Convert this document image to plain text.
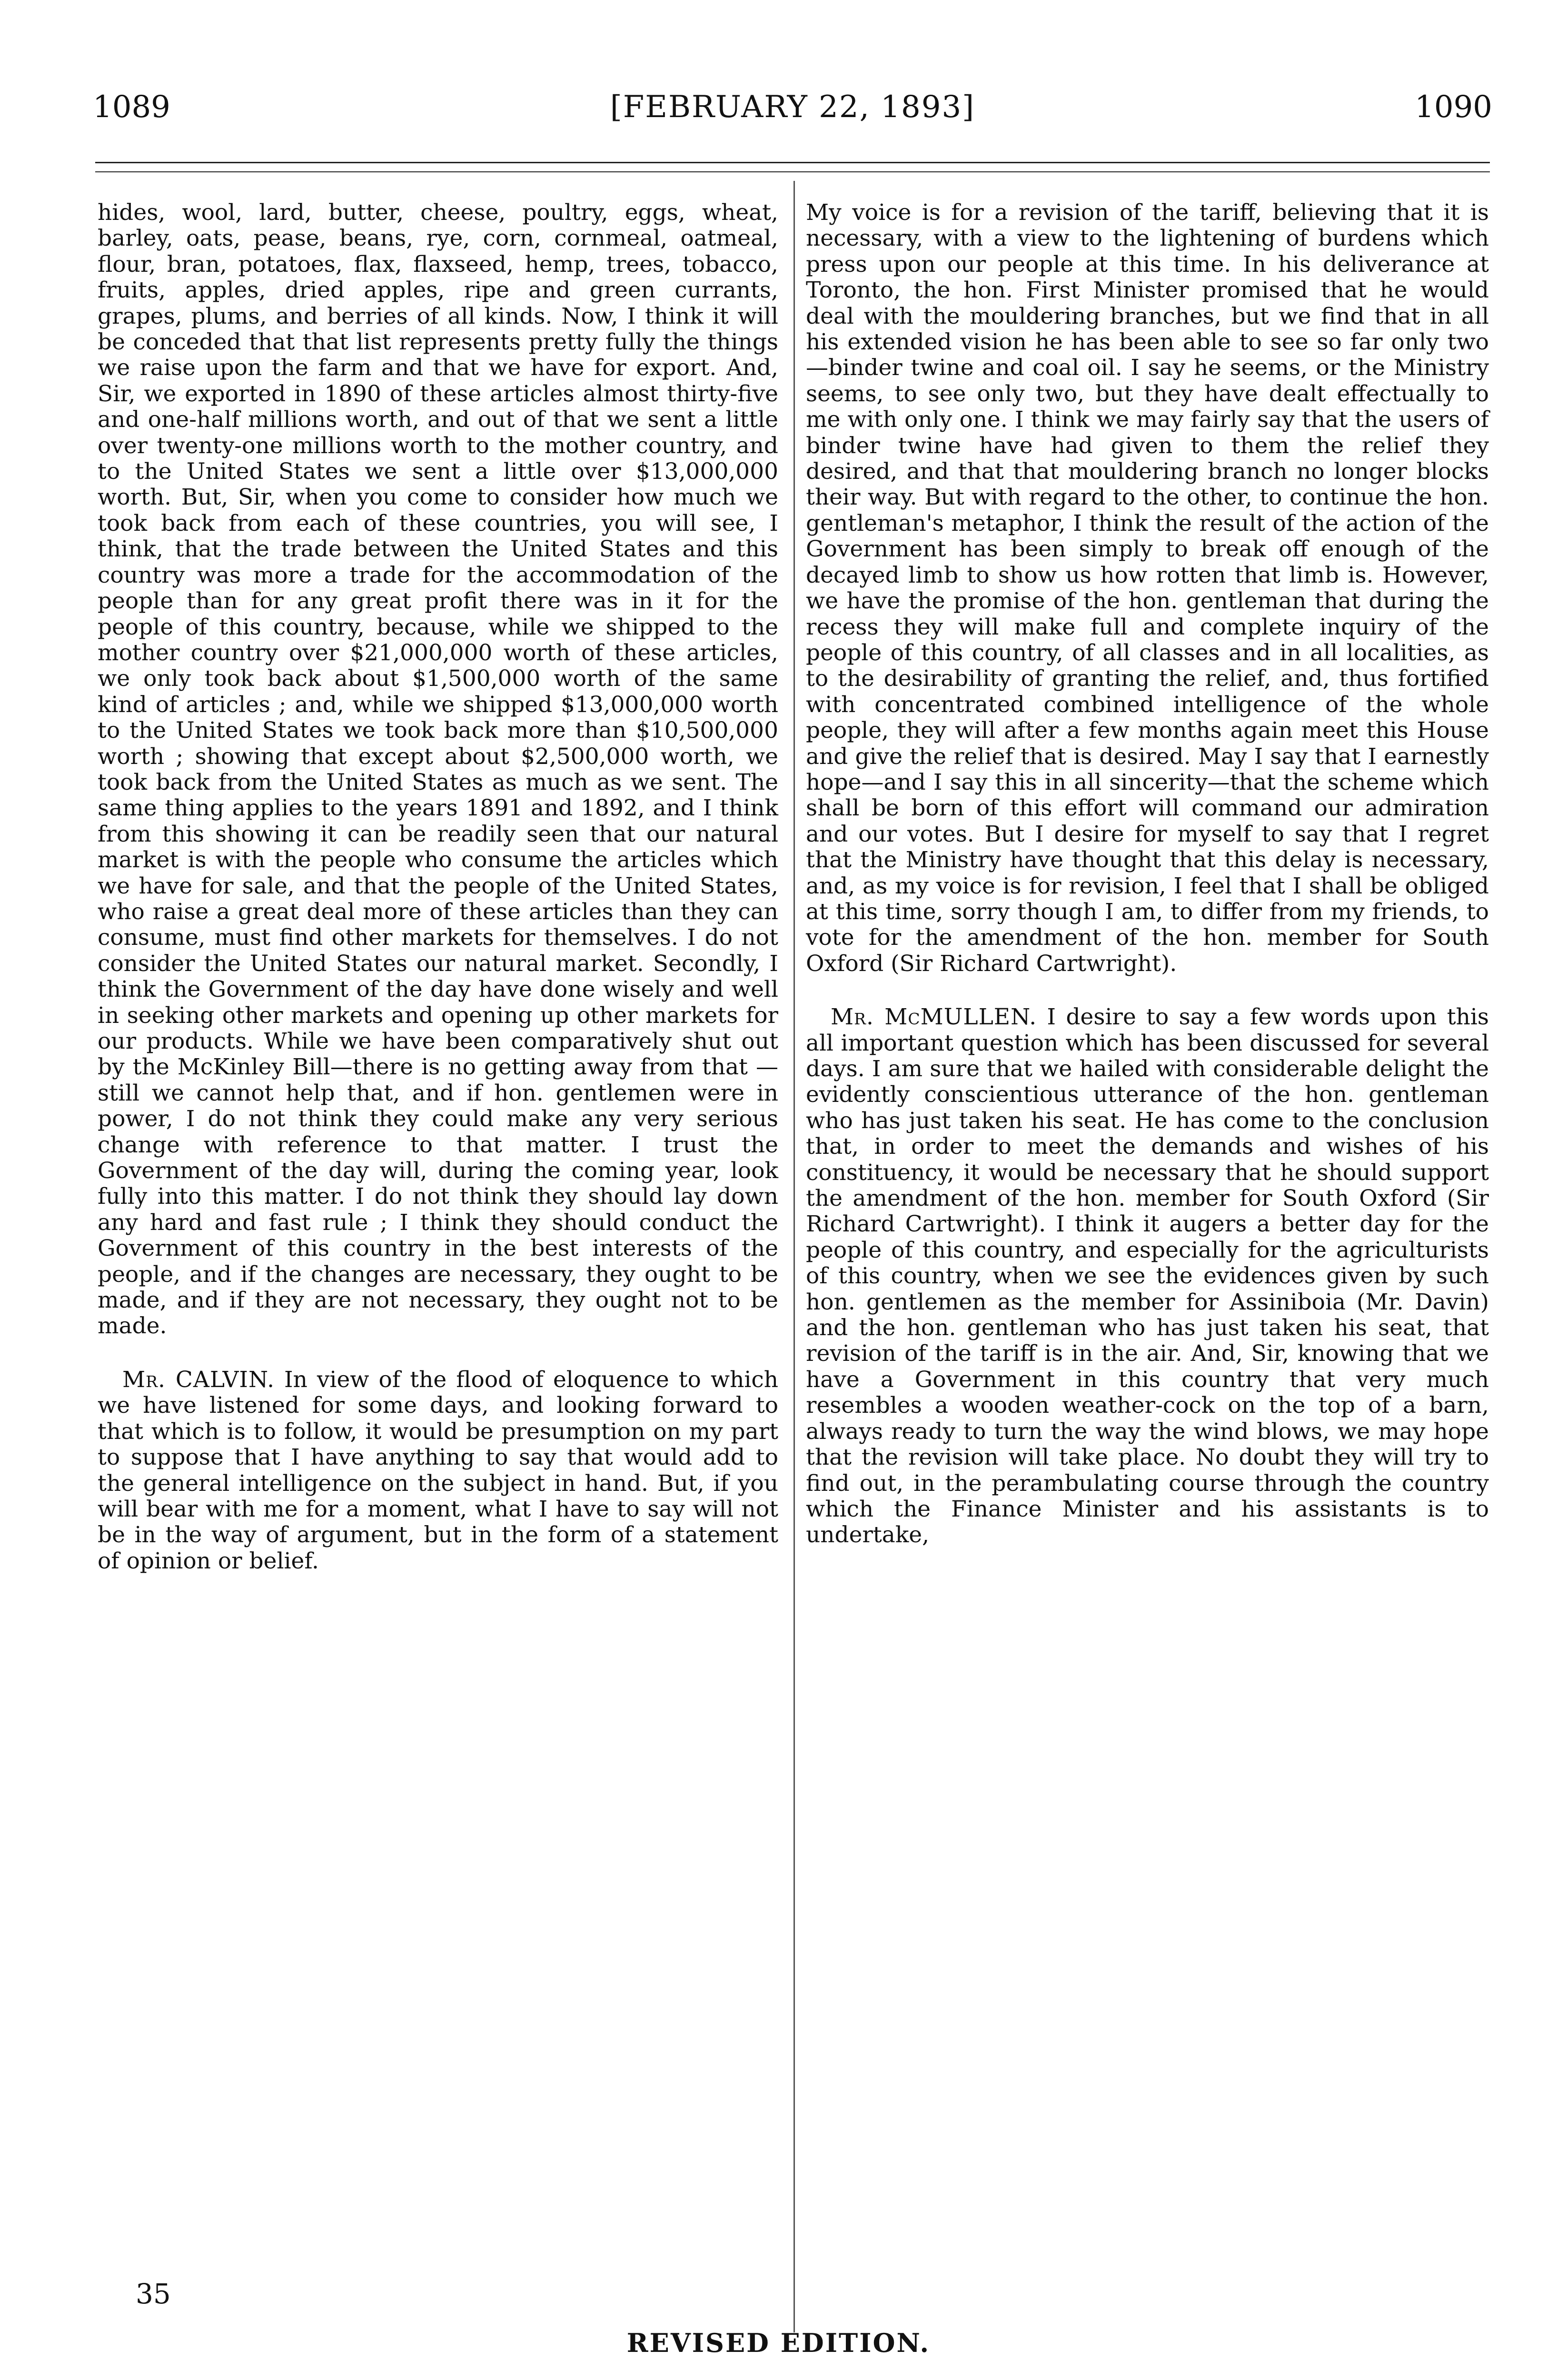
1089	[FEBRUARY 22, 1893]	1090

hides, wool, lard, butter, cheese, poultry, eggs, wheat, barley, oats, pease, beans, rye, corn, cornmeal, oatmeal, flour, bran, potatoes, flax, flaxseed, hemp, trees, tobacco, fruits, apples, dried apples, ripe and green currants, grapes, plums, and berries of all kinds. Now, I think it will be conceded that that list represents pretty fully the things we raise upon the farm and that we have for export. And, Sir, we exported in 1890 of these articles almost thirty-five and one-half millions worth, and out of that we sent a little over twenty-one millions worth to the mother country, and to the United States we sent a little over $13,000,000 worth. But, Sir, when you come to consider how much we took back from each of these countries, you will see, I think, that the trade between the United States and this country was more a trade for the accommodation of the people than for any great profit there was in it for the people of this country, because, while we shipped to the mother country over $21,000,000 worth of these articles, we only took back about $1,500,000 worth of the same kind of articles ; and, while we shipped $13,000,000 worth to the United States we took back more than $10,500,000 worth ; showing that except about $2,500,000 worth, we took back from the United States as much as we sent. The same thing applies to the years 1891 and 1892, and I think from this showing it can be readily seen that our natural market is with the people who consume the articles which we have for sale, and that the people of the United States, who raise a great deal more of these articles than they can consume, must find other markets for themselves. I do not consider the United States our natural market. Secondly, I think the Government of the day have done wisely and well in seeking other markets and opening up other markets for our products. While we have been comparatively shut out by the McKinley Bill—there is no getting away from that —still we cannot help that, and if hon. gentlemen were in power, I do not think they could make any very serious change with reference to that matter. I trust the Government of the day will, during the coming year, look fully into this matter. I do not think they should lay down any hard and fast rule ; I think they should conduct the Government of this country in the best interests of the people, and if the changes are necessary, they ought to be made, and if they are not necessary, they ought not to be made.

Mr. CALVIN. In view of the flood of eloquence to which we have listened for some days, and looking forward to that which is to follow, it would be presumption on my part to suppose that I have anything to say that would add to the general intelligence on the subject in hand. But, if you will bear with me for a moment, what I have to say will not be in the way of argument, but in the form of a statement of opinion or belief.

My voice is for a revision of the tariff, believing that it is necessary, with a view to the lightening of burdens which press upon our people at this time. In his deliverance at Toronto, the hon. First Minister promised that he would deal with the mouldering branches, but we find that in all his extended vision he has been able to see so far only two—binder twine and coal oil. I say he seems, or the Ministry seems, to see only two, but they have dealt effectually to me with only one. I think we may fairly say that the users of binder twine have had given to them the relief they desired, and that that mouldering branch no longer blocks their way. But with regard to the other, to continue the hon. gentleman's metaphor, I think the result of the action of the Government has been simply to break off enough of the decayed limb to show us how rotten that limb is. However, we have the promise of the hon. gentleman that during the recess they will make full and complete inquiry of the people of this country, of all classes and in all localities, as to the desirability of granting the relief, and, thus fortified with concentrated combined intelligence of the whole people, they will after a few months again meet this House and give the relief that is desired. May I say that I earnestly hope—and I say this in all sincerity—that the scheme which shall be born of this effort will command our admiration and our votes. But I desire for myself to say that I regret that the Ministry have thought that this delay is necessary, and, as my voice is for revision, I feel that I shall be obliged at this time, sorry though I am, to differ from my friends, to vote for the amendment of the hon. member for South Oxford (Sir Richard Cartwright).

Mr. McMULLEN. I desire to say a few words upon this all important question which has been discussed for several days. I am sure that we hailed with considerable delight the evidently conscientious utterance of the hon. gentleman who has just taken his seat. He has come to the conclusion that, in order to meet the demands and wishes of his constituency, it would be necessary that he should support the amendment of the hon. member for South Oxford (Sir Richard Cartwright). I think it augers a better day for the people of this country, and especially for the agriculturists of this country, when we see the evidences given by such hon. gentlemen as the member for Assiniboia (Mr. Davin) and the hon. gentleman who has just taken his seat, that revision of the tariff is in the air. And, Sir, knowing that we have a Government in this country that very much resembles a wooden weather-cock on the top of a barn, always ready to turn the way the wind blows, we may hope that the revision will take place. No doubt they will try to find out, in the perambulating course through the country which the Finance Minister and his assistants is to undertake,

35
REVISED EDITION.
